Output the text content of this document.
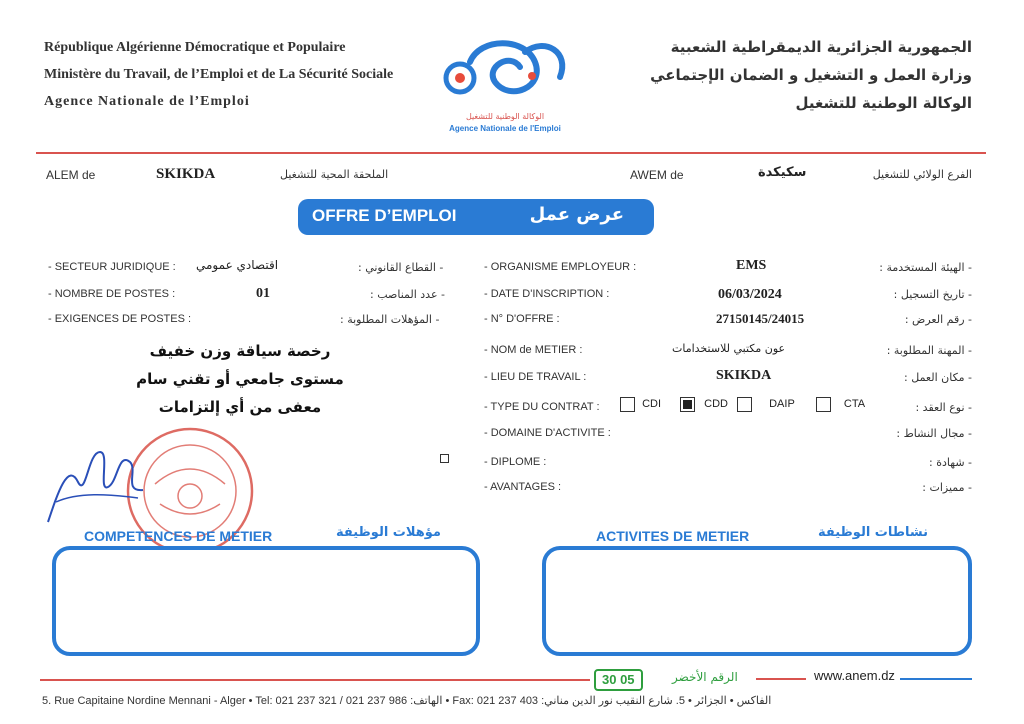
République Algérienne Démocratique et Populaire
Ministère du Travail, de l’Emploi et de La Sécurité Sociale
Agence Nationale de l’Emploi
الجمهورية الجزائرية الديمقراطية الشعبية
وزارة العمل و التشغيل و الضمان الإجتماعي
الوكالة الوطنية للتشغيل
الوكالة الوطنية للتشغيل
Agence Nationale de l'Emploi
ALEM de	SKIKDA	الملحقة المحية للتشغيل	AWEM de	سكيكدة	الفرع الولائي للتشغيل
OFFRE D’EMPLOI	عرض عمل
- SECTEUR JURIDIQUE : اقتصادي عمومي	- القطاع القانوني :
- NOMBRE DE POSTES :	01	- عدد المناصب :
- EXIGENCES DE POSTES :	- المؤهلات المطلوبة :
رخصة سياقة وزن خفيف
مستوى جامعي أو تقني سام
معفى من أي إلتزامات
- ORGANISME EMPLOYEUR :	EMS	- الهيئة المستخدمة :
- DATE D'INSCRIPTION :	06/03/2024	- تاريخ التسجيل :
- N° D'OFFRE :	27150145/24015	- رقم العرض :
- NOM de METIER :	عون مكتبي للاستخدامات	- المهنة المطلوبة :
- LIEU DE TRAVAIL :	SKIKDA	- مكان العمل :
- TYPE DU CONTRAT :	CDI	CDD	DAIP	CTA	- نوع العقد :
- DOMAINE D'ACTIVITE :	- مجال النشاط :
- DIPLOME :	- شهادة :
- AVANTAGES :	- مميزات :
COMPETENCES DE METIER	مؤهلات الوظيفة	ACTIVITES DE METIER	نشاطات الوظيفة
30 05	الرقم الأخضر	www.anem.dz
5. Rue Capitaine Nordine Mennani - Alger • Tel: 021 237 321 / 021 237 986 :الهاتف • Fax: 021 237 403 :الفاكس • الجزائر • 5. شارع النقيب نور الدين مناني
